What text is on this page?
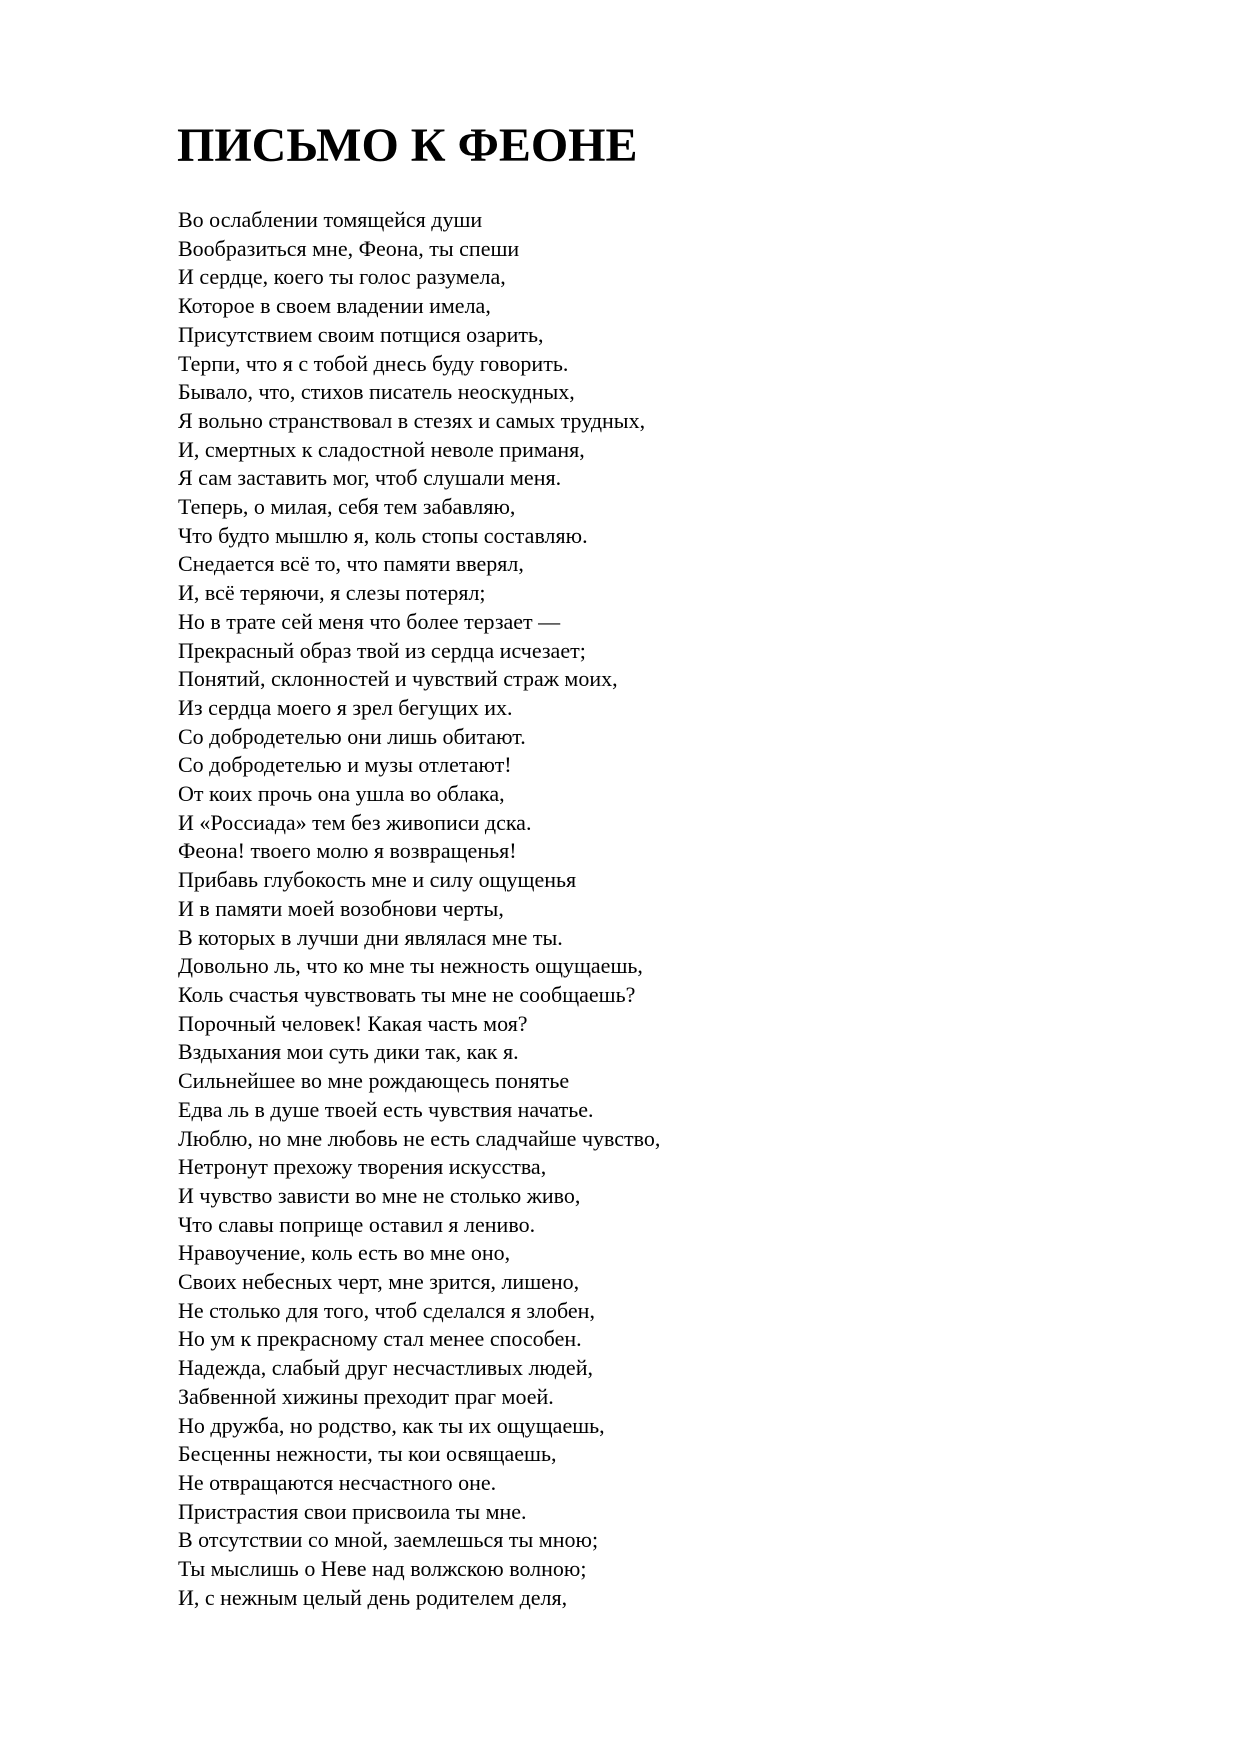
ПИСЬМО К ФЕОНЕ
Во ослаблении томящейся души
Вообразиться мне, Феона, ты спеши
И сердце, коего ты голос разумела,
Которое в своем владении имела,
Присутствием своим потщися озарить,
Терпи, что я с тобой днесь буду говорить.
Бывало, что, стихов писатель неоскудных,
Я вольно странствовал в стезях и самых трудных,
И, смертных к сладостной неволе приманя,
Я сам заставить мог, чтоб слушали меня.
Теперь, о милая, себя тем забавляю,
Что будто мышлю я, коль стопы составляю.
Снедается всё то, что памяти вверял,
И, всё теряючи, я слезы потерял;
Но в трате сей меня что более терзает —
Прекрасный образ твой из сердца исчезает;
Понятий, склонностей и чувствий страж моих,
Из сердца моего я зрел бегущих их.
Со добродетелью они лишь обитают.
Со добродетелью и музы отлетают!
От коих прочь она ушла во облака,
И «Россиада» тем без живописи дска.
Феона! твоего молю я возвращенья!
Прибавь глубокость мне и силу ощущенья
И в памяти моей возобнови черты,
В которых в лучши дни являлася мне ты.
Довольно ль, что ко мне ты нежность ощущаешь,
Коль счастья чувствовать ты мне не сообщаешь?
Порочный человек! Какая часть моя?
Вздыхания мои суть дики так, как я.
Сильнейшее во мне рождающесь понятье
Едва ль в душе твоей есть чувствия начатье.
Люблю, но мне любовь не есть сладчайше чувство,
Нетронут прехожу творения искусства,
И чувство зависти во мне не столько живо,
Что славы поприще оставил я лениво.
Нравоучение, коль есть во мне оно,
Своих небесных черт, мне зрится, лишено,
Не столько для того, чтоб сделался я злобен,
Но ум к прекрасному стал менее способен.
Надежда, слабый друг несчастливых людей,
Забвенной хижины преходит праг моей.
Но дружба, но родство, как ты их ощущаешь,
Бесценны нежности, ты кои освящаешь,
Не отвращаются несчастного оне.
Пристрастия свои присвоила ты мне.
В отсутствии со мной, заемлешься ты мною;
Ты мыслишь о Неве над волжскою волною;
И, с нежным целый день родителем деля,
